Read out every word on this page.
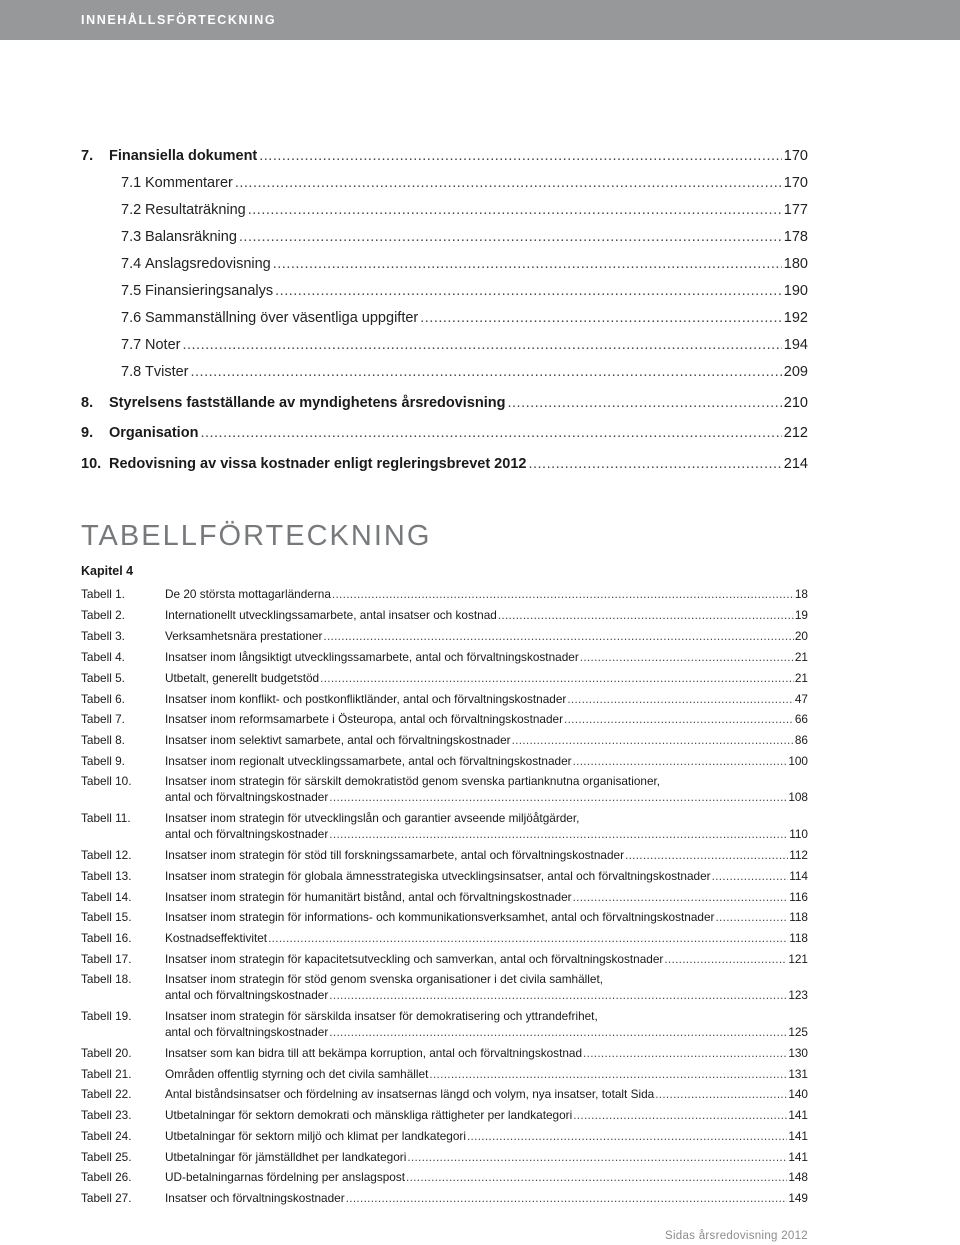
INNEHÅLLSFÖRTECKNING
7.	Finansiella dokument .....	170
7.1 Kommentarer .....	170
7.2 Resultaträkning .....	177
7.3 Balansräkning .....	178
7.4 Anslagsredovisning .....	180
7.5 Finansieringsanalys .....	190
7.6 Sammanställning över väsentliga uppgifter .....	192
7.7 Noter .....	194
7.8 Tvister .....	209
8.	Styrelsens fastställande av myndighetens årsredovisning .....	210
9.	Organisation .....	212
10. Redovisning av vissa kostnader enligt regleringsbrevet 2012 .....	214
TABELLFÖRTECKNING
Kapitel 4
Tabell 1.	De 20 största mottagarländerna .....	18
Tabell 2.	Internationellt utvecklingssamarbete, antal insatser och kostnad .....	19
Tabell 3.	Verksamhetsnära prestationer .....	20
Tabell 4.	Insatser inom långsiktigt utvecklingssamarbete, antal och förvaltningskostnader .....	21
Tabell 5.	Utbetalt, generellt budgetstöd .....	21
Tabell 6.	Insatser inom konflikt- och postkonfliktländer, antal och förvaltningskostnader .....	47
Tabell 7.	Insatser inom reformsamarbete i Östeuropa, antal och förvaltningskostnader .....	66
Tabell 8.	Insatser inom selektivt samarbete, antal och förvaltningskostnader .....	86
Tabell 9.	Insatser inom regionalt utvecklingssamarbete, antal och förvaltningskostnader .....	100
Tabell 10.	Insatser inom strategin för särskilt demokratistöd genom svenska partianknutna organisationer,
antal och förvaltningskostnader .....	108
Tabell 11.	Insatser inom strategin för utvecklingslån och garantier avseende miljöåtgärder,
antal och förvaltningskostnader .....	110
Tabell 12.	Insatser inom strategin för stöd till forskningssamarbete, antal och förvaltningskostnader .....	112
Tabell 13.	Insatser inom strategin för globala ämnesstrategiska utvecklingsinsatser, antal och förvaltningskostnader .....	114
Tabell 14.	Insatser inom strategin för humanitärt bistånd, antal och förvaltningskostnader .....	116
Tabell 15.	Insatser inom strategin för informations- och kommunikationsverksamhet, antal och förvaltningskostnader .....	118
Tabell 16.	Kostnadseffektivitet .....	118
Tabell 17.	Insatser inom strategin för kapacitetsutveckling och samverkan, antal och förvaltningskostnader .....	121
Tabell 18.	Insatser inom strategin för stöd genom svenska organisationer i det civila samhället,
antal och förvaltningskostnader .....	123
Tabell 19.	Insatser inom strategin för särskilda insatser för demokratisering och yttrandefrihet,
antal och förvaltningskostnader .....	125
Tabell 20.	Insatser som kan bidra till att bekämpa korruption, antal och förvaltningskostnad .....	130
Tabell 21.	Områden offentlig styrning och det civila samhället .....	131
Tabell 22.	Antal biståndsinsatser och fördelning av insatsernas längd och volym, nya insatser, totalt Sida .....	140
Tabell 23.	Utbetalningar för sektorn demokrati och mänskliga rättigheter per landkategori .....	141
Tabell 24.	Utbetalningar för sektorn miljö och klimat per landkategori .....	141
Tabell 25.	Utbetalningar för jämställdhet per landkategori .....	141
Tabell 26.	UD-betalningarnas fördelning per anslagspost .....	148
Tabell 27.	Insatser och förvaltningskostnader .....	149
Sidas årsredovisning 2012
